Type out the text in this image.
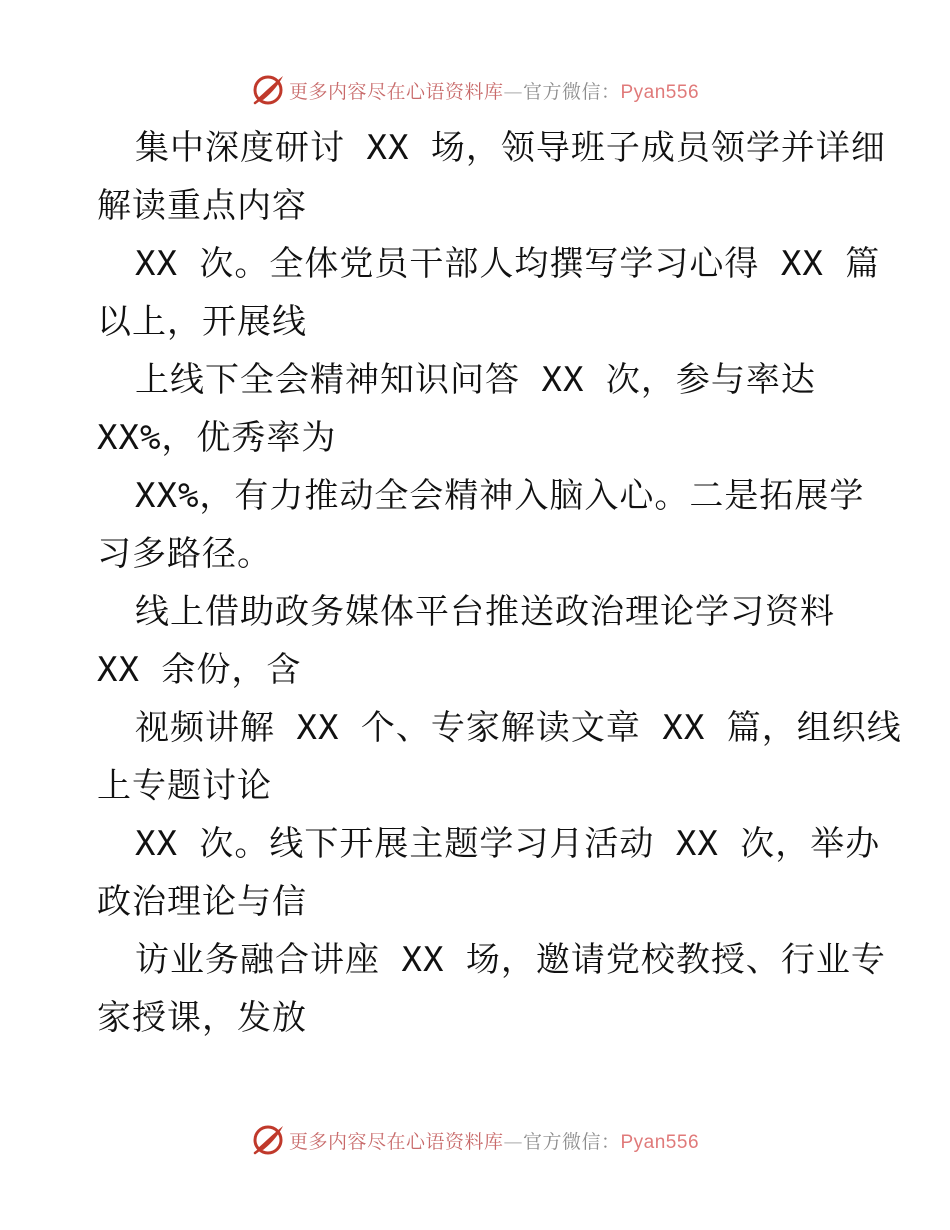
更多内容尽在心语资料库—官方微信：Pyan556
集中深度研讨 XX 场，领导班子成员领学并详细
解读重点内容
XX 次。全体党员干部人均撰写学习心得 XX 篇
以上，开展线
上线下全会精神知识问答 XX 次，参与率达
XX%，优秀率为
XX%，有力推动全会精神入脑入心。二是拓展学
习多路径。
线上借助政务媒体平台推送政治理论学习资料
XX 余份，含
视频讲解 XX 个、专家解读文章 XX 篇，组织线
上专题讨论
XX 次。线下开展主题学习月活动 XX 次，举办
政治理论与信
访业务融合讲座 XX 场，邀请党校教授、行业专
家授课，发放
更多内容尽在心语资料库—官方微信：Pyan556
